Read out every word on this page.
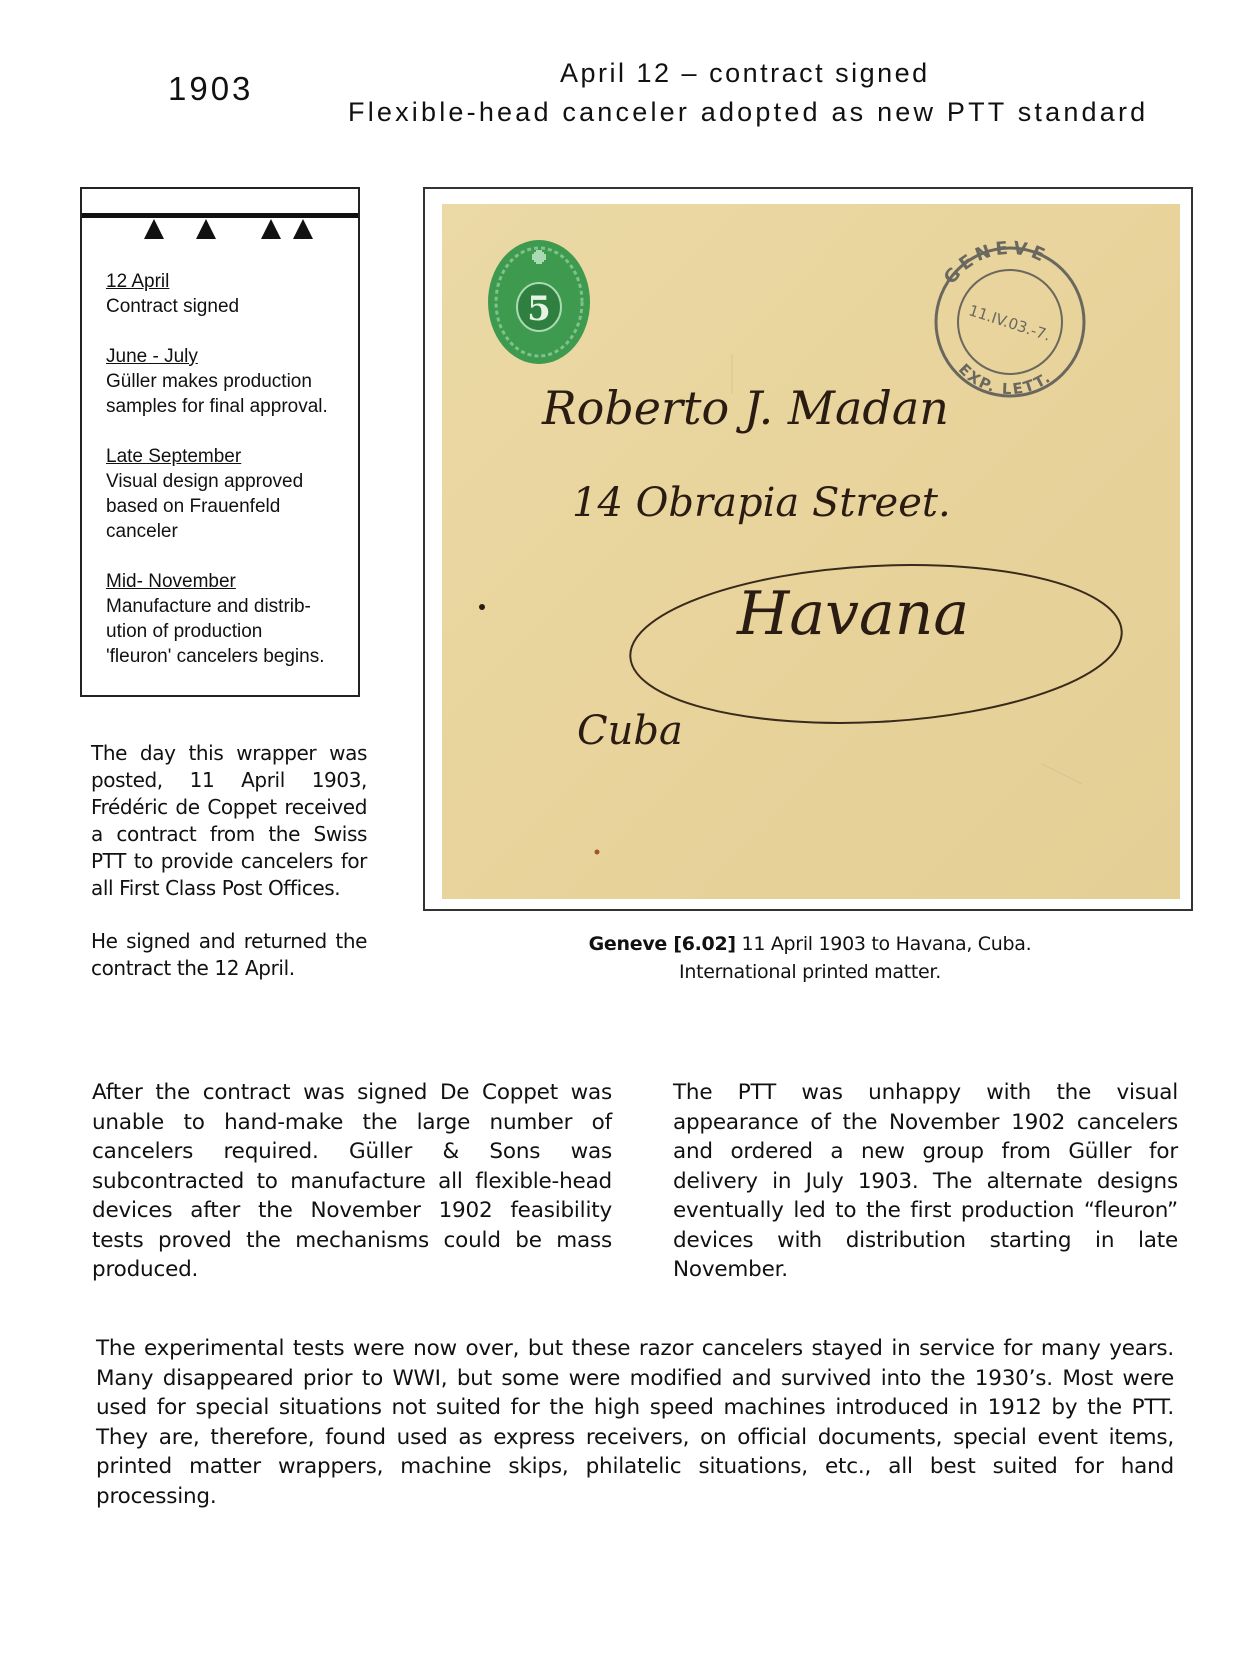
1903	April 12 – contract signed
Flexible-head canceler adopted as new PTT standard
12 April
Contract signed
June - July
Güller makes production
samples for final approval.
Late September
Visual design approved
based on Frauenfeld
canceler
Mid- November
Manufacture and distrib-
ution of production
'fleuron' cancelers begins.
The day this wrapper was posted, 11 April 1903, Frédéric de Coppet received a contract from the Swiss PTT to provide cancelers for all First Class Post Offices.
He signed and returned the contract the 12 April.
5
GENEVE
EXP. LETT.
11.IV.03.-7.
Roberto J. Madan
14 Obrapia Street.
Havana
Cuba
Geneve [6.02] 11 April 1903 to Havana, Cuba.
International printed matter.
After the contract was signed De Coppet was unable to hand-make the large number of cancelers required. Güller & Sons was subcontracted to manufacture all flexible-head devices after the November 1902 feasibility tests proved the mechanisms could be mass produced.
The PTT was unhappy with the visual appearance of the November 1902 cancelers and ordered a new group from Güller for delivery in July 1903. The alternate designs eventually led to the first production “fleuron” devices with distribution starting in late November.
The experimental tests were now over, but these razor cancelers stayed in service for many years. Many disappeared prior to WWI, but some were modified and survived into the 1930’s. Most were used for special situations not suited for the high speed machines introduced in 1912 by the PTT. They are, therefore, found used as express receivers, on official documents, special event items, printed matter wrappers, machine skips, philatelic situations, etc., all best suited for hand processing.
